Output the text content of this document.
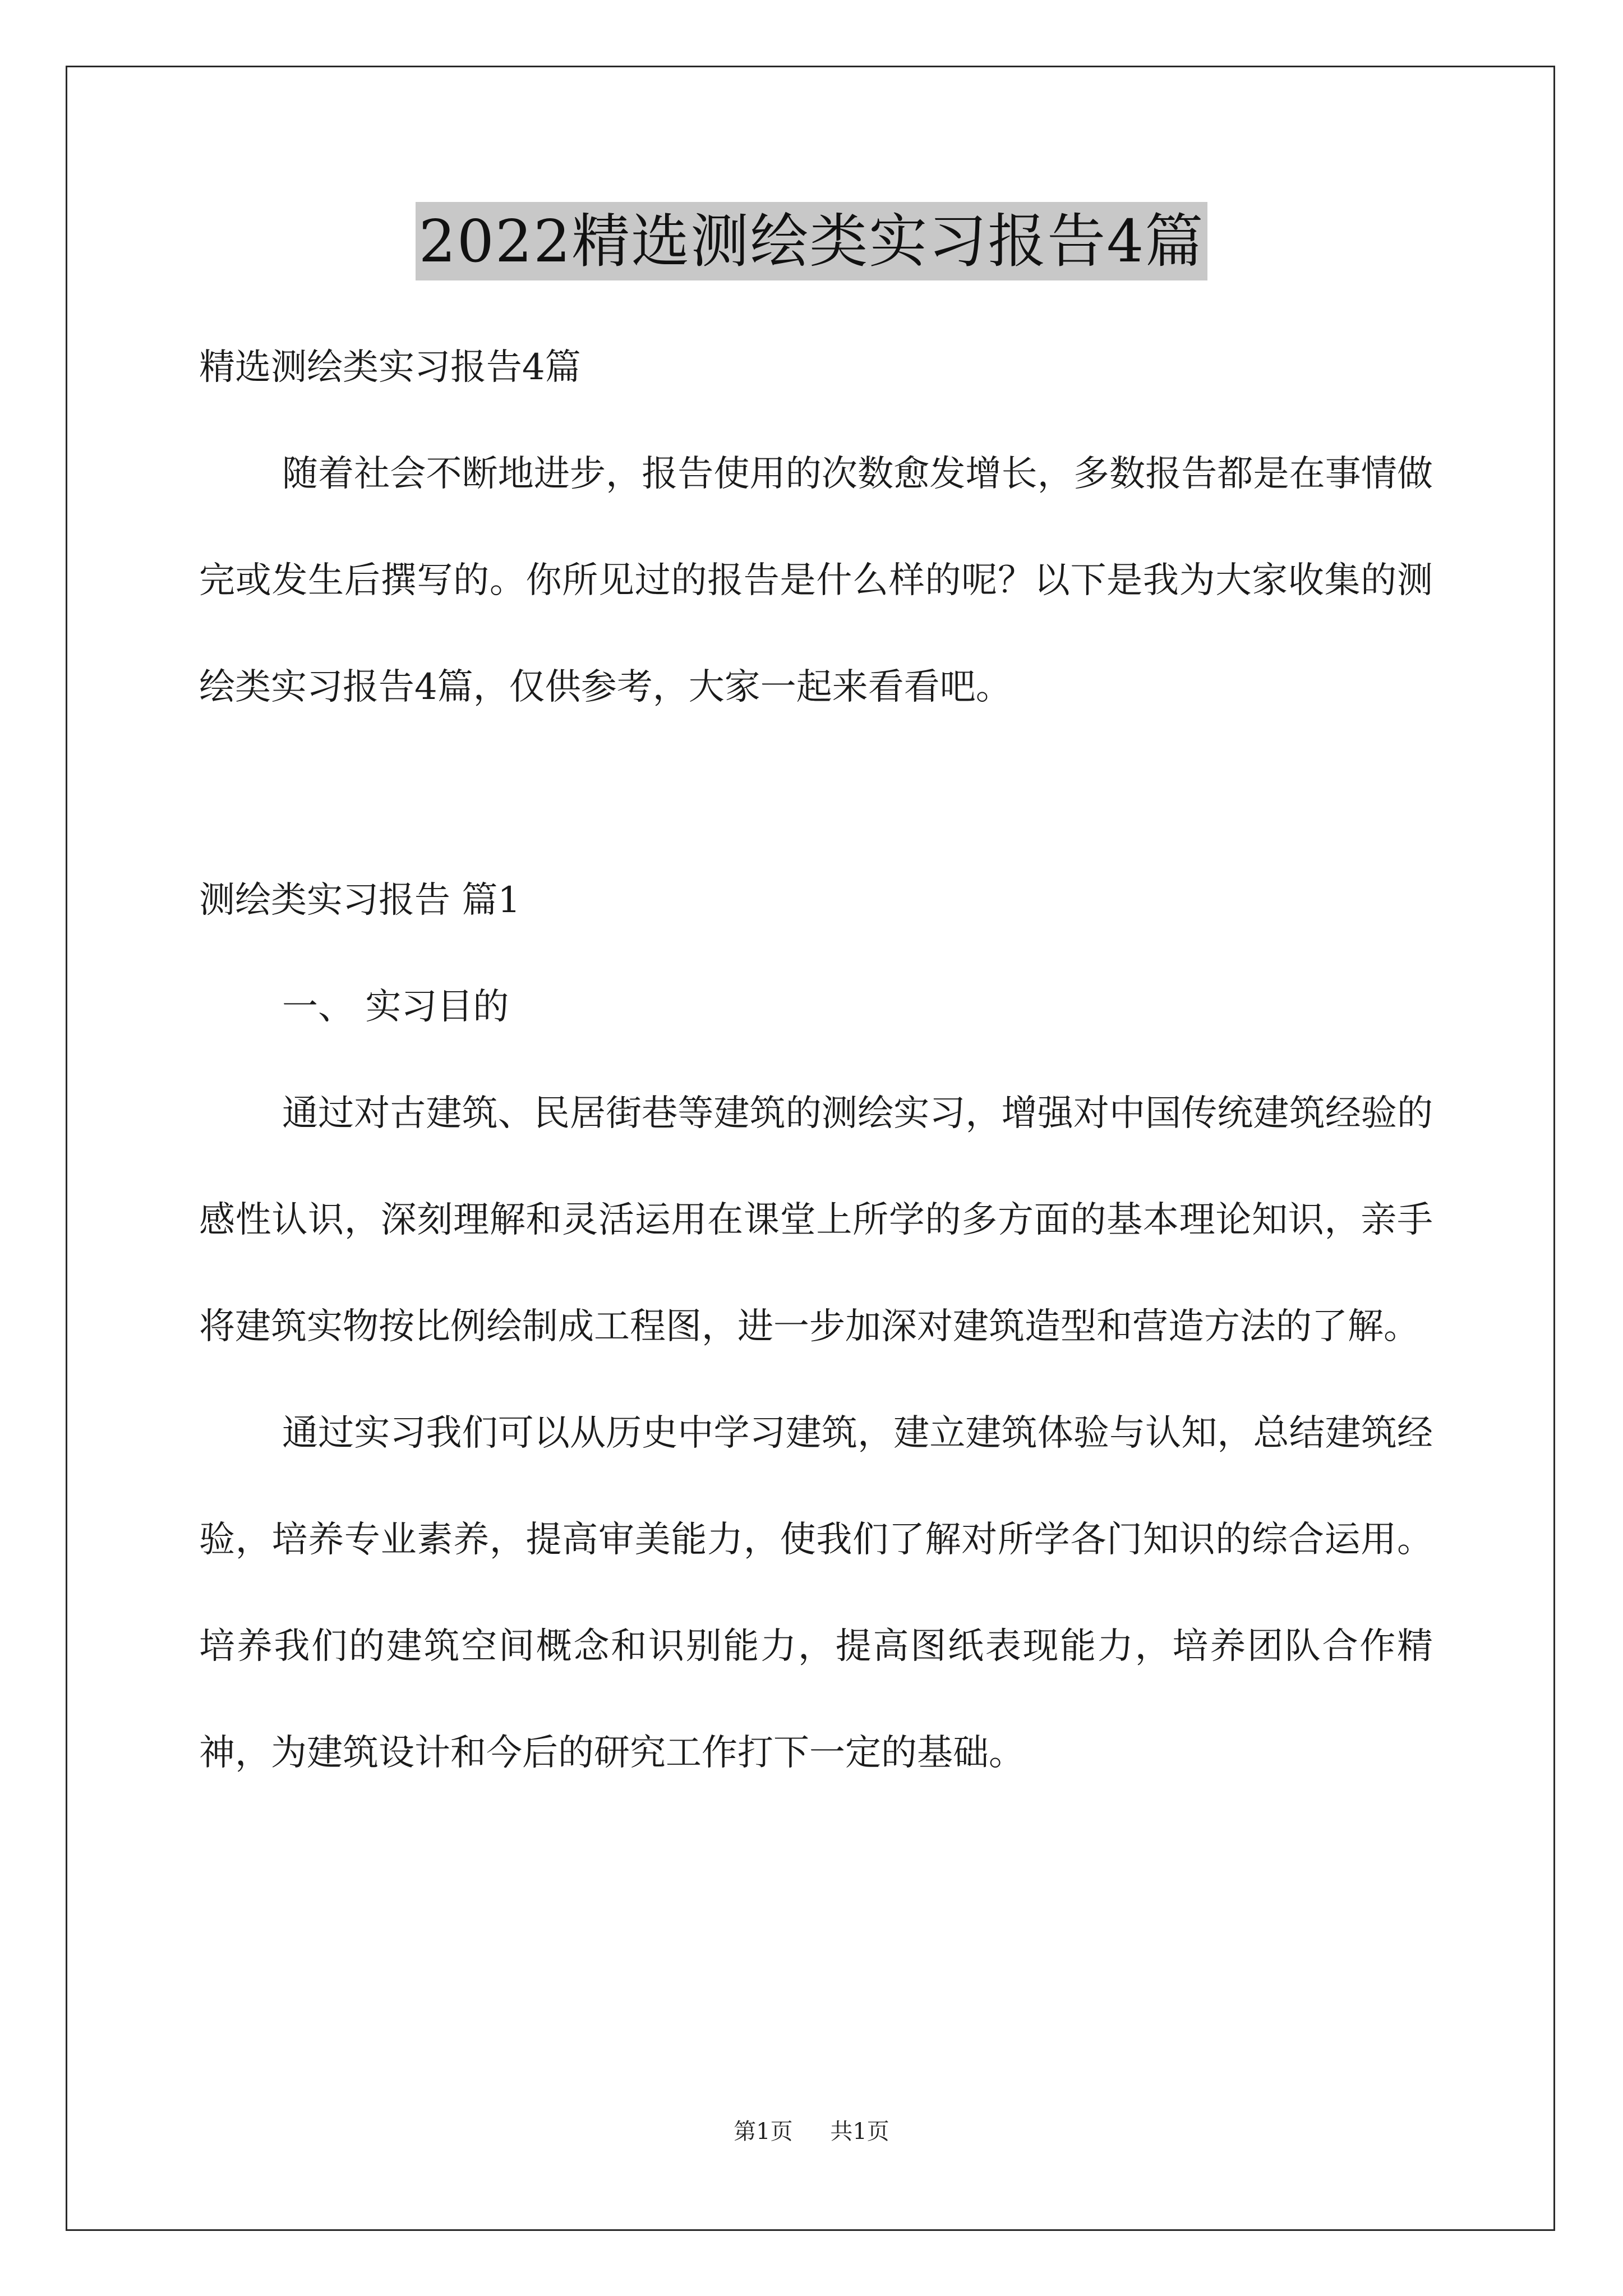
2022精选测绘类实习报告4篇

精选测绘类实习报告4篇

随着社会不断地进步，报告使用的次数愈发增长，多数报告都是在事情做完或发生后撰写的。你所见过的报告是什么样的呢？以下是我为大家收集的测绘类实习报告4篇，仅供参考，大家一起来看看吧。

测绘类实习报告 篇1

一、 实习目的

通过对古建筑、民居街巷等建筑的测绘实习，增强对中国传统建筑经验的感性认识，深刻理解和灵活运用在课堂上所学的多方面的基本理论知识，亲手将建筑实物按比例绘制成工程图，进一步加深对建筑造型和营造方法的了解。

通过实习我们可以从历史中学习建筑，建立建筑体验与认知，总结建筑经验，培养专业素养，提高审美能力，使我们了解对所学各门知识的综合运用。培养我们的建筑空间概念和识别能力，提高图纸表现能力，培养团队合作精神，为建筑设计和今后的研究工作打下一定的基础。

第1页 共1页
